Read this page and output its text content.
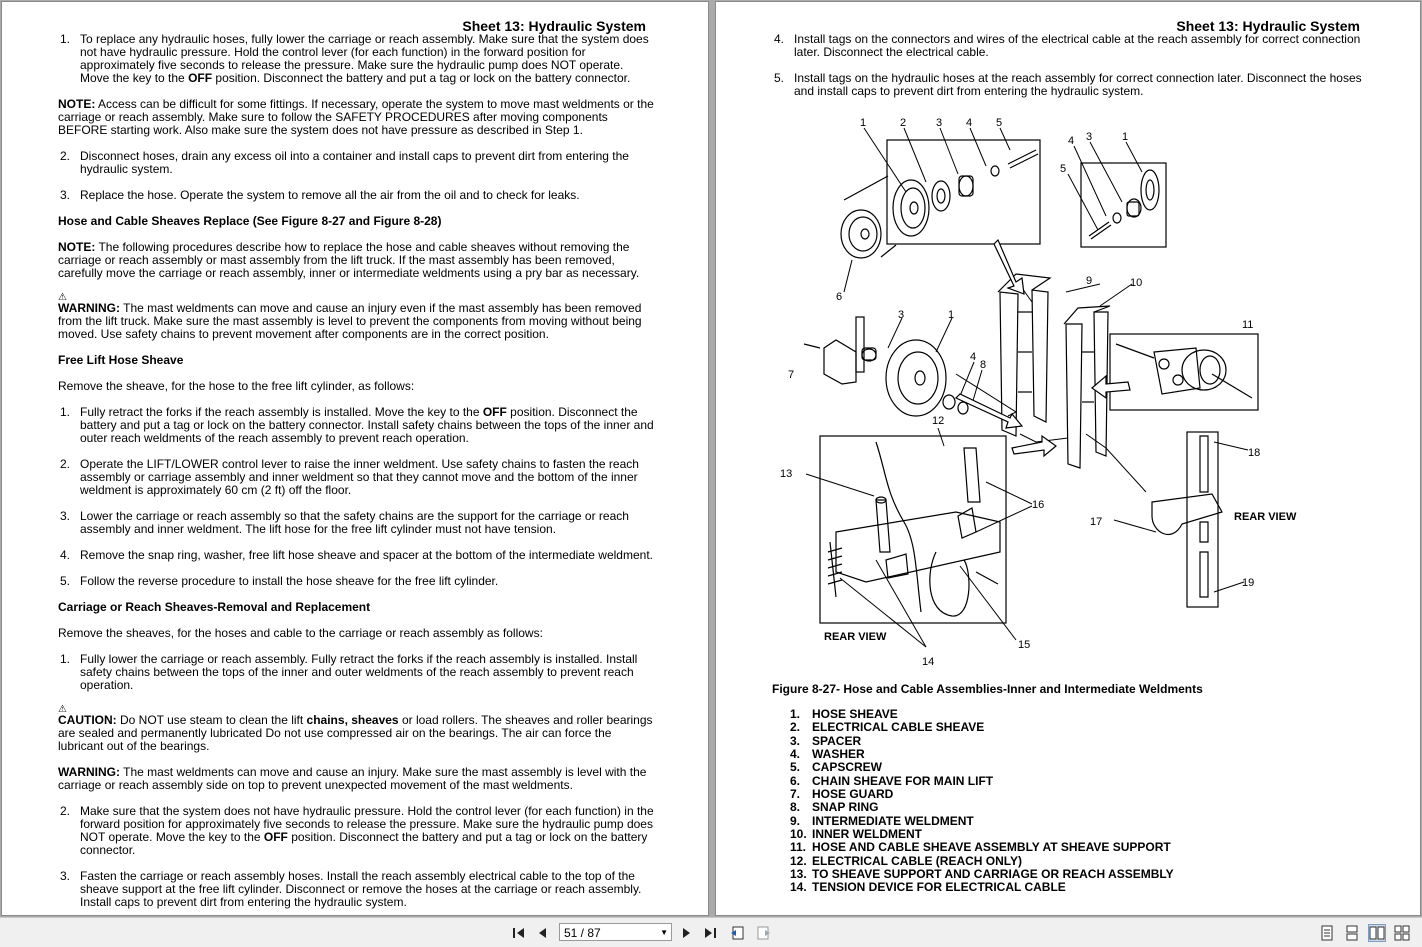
Sheet 13: Hydraulic System
1. To replace any hydraulic hoses, fully lower the carriage or reach assembly. Make sure that the system does not have hydraulic pressure. Hold the control lever (for each function) in the forward position for approximately five seconds to release the pressure. Make sure the hydraulic pump does NOT operate. Move the key to the OFF position. Disconnect the battery and put a tag or lock on the battery connector.

NOTE: Access can be difficult for some fittings. If necessary, operate the system to move mast weldments or the carriage or reach assembly. Make sure to follow the SAFETY PROCEDURES after moving components BEFORE starting work. Also make sure the system does not have pressure as described in Step 1.

2. Disconnect hoses, drain any excess oil into a container and install caps to prevent dirt from entering the hydraulic system.
3. Replace the hose. Operate the system to remove all the air from the oil and to check for leaks.
Hose and Cable Sheaves Replace (See Figure 8-27 and Figure 8-28)

NOTE: The following procedures describe how to replace the hose and cable sheaves without removing the carriage or reach assembly or mast assembly from the lift truck. If the mast assembly has been removed, carefully move the carriage or reach assembly, inner or intermediate weldments using a pry bar as necessary.

⚠
WARNING: The mast weldments can move and cause an injury even if the mast assembly has been removed from the lift truck. Make sure the mast assembly is level to prevent the components from moving without being moved. Use safety chains to prevent movement after components are in the correct position.

Free Lift Hose Sheave

Remove the sheave, for the hose to the free lift cylinder, as follows:

1. Fully retract the forks if the reach assembly is installed. Move the key to the OFF position. Disconnect the battery and put a tag or lock on the battery connector. Install safety chains between the tops of the inner and outer reach weldments of the reach assembly to prevent reach operation.
2. Operate the LIFT/LOWER control lever to raise the inner weldment. Use safety chains to fasten the reach assembly or carriage assembly and inner weldment so that they cannot move and the bottom of the inner weldment is approximately 60 cm (2 ft) off the floor.
3. Lower the carriage or reach assembly so that the safety chains are the support for the carriage or reach assembly and inner weldment. The lift hose for the free lift cylinder must not have tension.
4. Remove the snap ring, washer, free lift hose sheave and spacer at the bottom of the intermediate weldment.
5. Follow the reverse procedure to install the hose sheave for the free lift cylinder.
Carriage or Reach Sheaves-Removal and Replacement

Remove the sheaves, for the hoses and cable to the carriage or reach assembly as follows:

1. Fully lower the carriage or reach assembly. Fully retract the forks if the reach assembly is installed. Install safety chains between the tops of the inner and outer weldments of the reach assembly to prevent reach operation.

⚠
CAUTION: Do NOT use steam to clean the lift chains, sheaves or load rollers. The sheaves and roller bearings are sealed and permanently lubricated Do not use compressed air on the bearings. The air can force the lubricant out of the bearings.

WARNING: The mast weldments can move and cause an injury. Make sure the mast assembly is level with the carriage or reach assembly side on top to prevent unexpected movement of the mast weldments.

2. Make sure that the system does not have hydraulic pressure. Hold the control lever (for each function) in the forward position for approximately five seconds to release the pressure. Make sure the hydraulic pump does NOT operate. Move the key to the OFF position. Disconnect the battery and put a tag or lock on the battery connector.
3. Fasten the carriage or reach assembly hoses. Install the reach assembly electrical cable to the top of the sheave support at the free lift cylinder. Disconnect or remove the hoses at the carriage or reach assembly. Install caps to prevent dirt from entering the hydraulic system.
Sheet 13: Hydraulic System
4. Install tags on the connectors and wires of the electrical cable at the reach assembly for correct connection later. Disconnect the electrical cable.
5. Install tags on the hydraulic hoses at the reach assembly for correct connection later. Disconnect the hoses and install caps to prevent dirt from entering the hydraulic system.
1	2	3 4 5
1
3
4
5
6
3	1
7
4
8
9	10
11
12
13
16
17
18
19
15
14
REAR VIEW
REAR VIEW
Figure 8-27- Hose and Cable Assemblies-Inner and Intermediate Weldments
1. HOSE SHEAVE
2. ELECTRICAL CABLE SHEAVE
3. SPACER
4. WASHER
5. CAPSCREW
6. CHAIN SHEAVE FOR MAIN LIFT
7. HOSE GUARD
8. SNAP RING
9. INTERMEDIATE WELDMENT
10. INNER WELDMENT
11. HOSE AND CABLE SHEAVE ASSEMBLY AT SHEAVE SUPPORT
12. ELECTRICAL CABLE (REACH ONLY)
13. TO SHEAVE SUPPORT AND CARRIAGE OR REACH ASSEMBLY
14. TENSION DEVICE FOR ELECTRICAL CABLE
51 / 87	▼
